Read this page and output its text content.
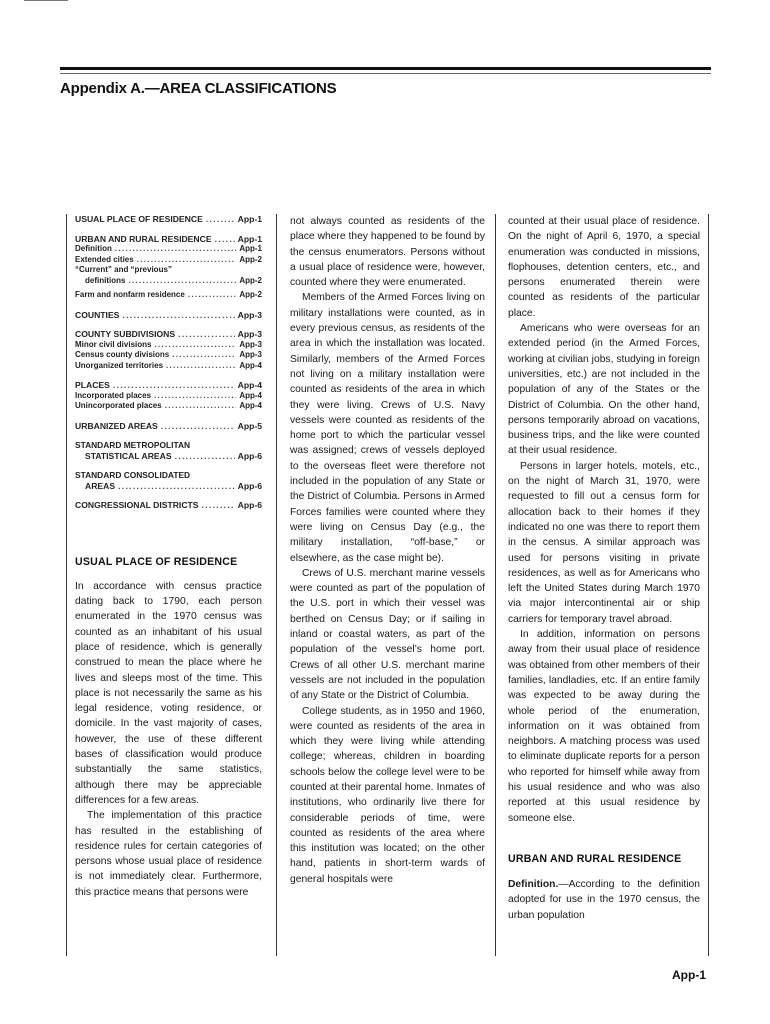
Appendix A.—AREA CLASSIFICATIONS
USUAL PLACE OF RESIDENCE .....	App-1
URBAN AND RURAL RESIDENCE .....	App-1
Definition .....	App-1
Extended cities .....	App-2
“Current” and “previous”
definitions .....	App-2
Farm and nonfarm residence .....	App-2
COUNTIES .....	App-3
COUNTY SUBDIVISIONS .....	App-3
Minor civil divisions .....	App-3
Census county divisions .....	App-3
Unorganized territories .....	App-4
PLACES .....	App-4
Incorporated places .....	App-4
Unincorporated places .....	App-4
URBANIZED AREAS .....	App-5
STANDARD METROPOLITAN
STATISTICAL AREAS .....	App-6
STANDARD CONSOLIDATED
AREAS .....	App-6
CONGRESSIONAL DISTRICTS .....	App-6
USUAL PLACE OF RESIDENCE

In accordance with census practice dating back to 1790, each person enumerated in the 1970 census was counted as an inhabitant of his usual place of residence, which is generally construed to mean the place where he lives and sleeps most of the time. This place is not necessarily the same as his legal residence, voting residence, or domicile. In the vast majority of cases, however, the use of these different bases of classification would produce substantially the same statistics, although there may be appreciable differences for a few areas.

The implementation of this practice has resulted in the establishing of residence rules for certain categories of persons whose usual place of residence is not immediately clear. Furthermore, this practice means that persons were

not always counted as residents of the place where they happened to be found by the census enumerators. Persons without a usual place of residence were, however, counted where they were enumerated.

Members of the Armed Forces living on military installations were counted, as in every previous census, as residents of the area in which the installation was located. Similarly, members of the Armed Forces not living on a military installation were counted as residents of the area in which they were living. Crews of U.S. Navy vessels were counted as residents of the home port to which the particular vessel was assigned; crews of vessels deployed to the overseas fleet were therefore not included in the population of any State or the District of Columbia. Persons in Armed Forces families were counted where they were living on Census Day (e.g., the military installation, “off-base,” or elsewhere, as the case might be).

Crews of U.S. merchant marine vessels were counted as part of the population of the U.S. port in which their vessel was berthed on Census Day; or if sailing in inland or coastal waters, as part of the population of the vessel’s home port. Crews of all other U.S. merchant marine vessels are not included in the population of any State or the District of Columbia.

College students, as in 1950 and 1960, were counted as residents of the area in which they were living while attending college; whereas, children in boarding schools below the college level were to be counted at their parental home. Inmates of institutions, who ordinarily live there for considerable periods of time, were counted as residents of the area where this institution was located; on the other hand, patients in short-term wards of general hospitals were

counted at their usual place of residence. On the night of April 6, 1970, a special enumeration was conducted in missions, flophouses, detention centers, etc., and persons enumerated therein were counted as residents of the particular place.

Americans who were overseas for an extended period (in the Armed Forces, working at civilian jobs, studying in foreign universities, etc.) are not included in the population of any of the States or the District of Columbia. On the other hand, persons temporarily abroad on vacations, business trips, and the like were counted at their usual residence.

Persons in larger hotels, motels, etc., on the night of March 31, 1970, were requested to fill out a census form for allocation back to their homes if they indicated no one was there to report them in the census. A similar approach was used for persons visiting in private residences, as well as for Americans who left the United States during March 1970 via major intercontinental air or ship carriers for temporary travel abroad.

In addition, information on persons away from their usual place of residence was obtained from other members of their families, landladies, etc. If an entire family was expected to be away during the whole period of the enumeration, information on it was obtained from neighbors. A matching process was used to eliminate duplicate reports for a person who reported for himself while away from his usual residence and who was also reported at this usual residence by someone else.

URBAN AND RURAL RESIDENCE

Definition.—According to the definition adopted for use in the 1970 census, the urban population

App-1
